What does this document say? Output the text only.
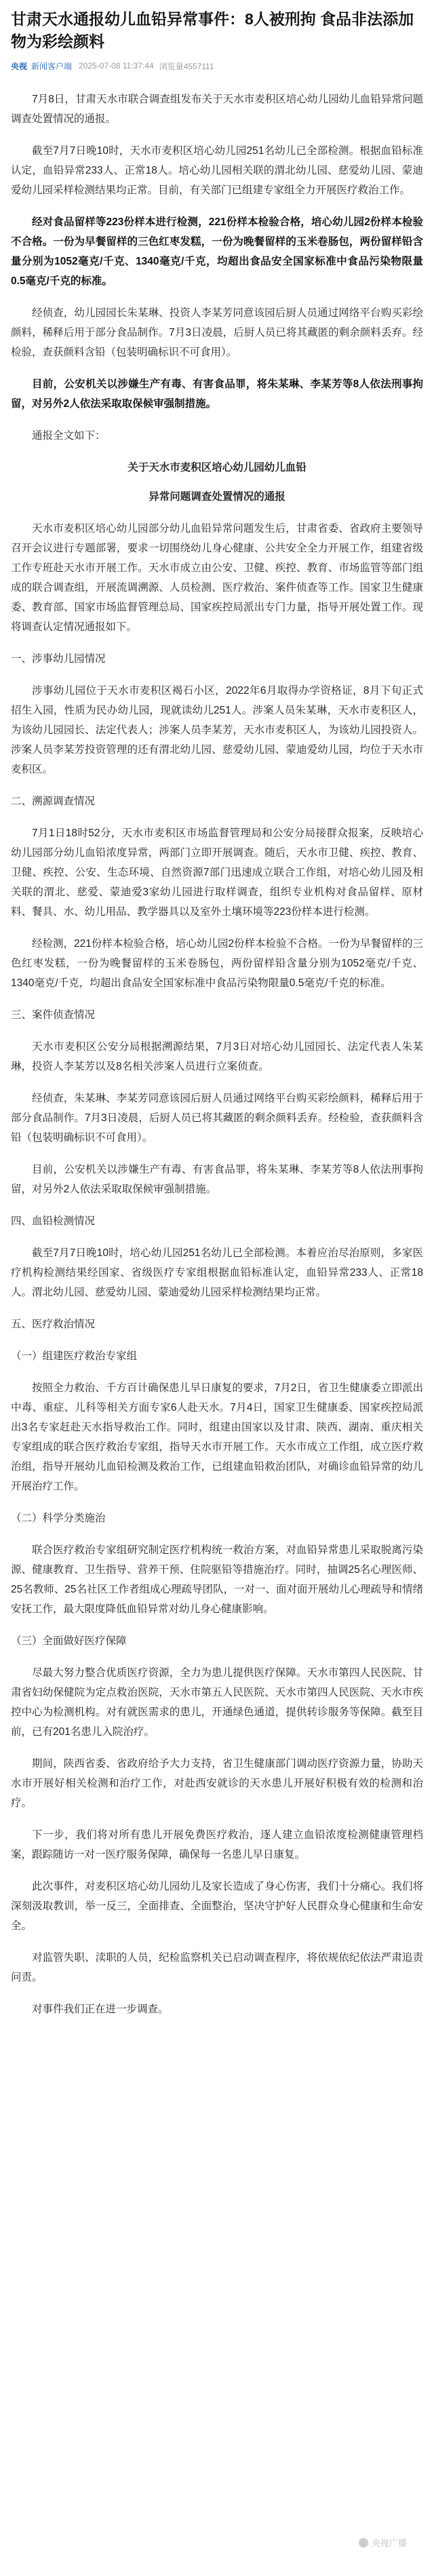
甘肃天水通报幼儿血铅异常事件：8人被刑拘 食品非法添加物为彩绘颜料
央视 新闻客户端 2025-07-08 11:37:44 浏览量4557111

7月8日，甘肃天水市联合调查组发布关于天水市麦积区培心幼儿园幼儿血铅异常问题调查处置情况的通报。

截至7月7日晚10时，天水市麦积区培心幼儿园251名幼儿已全部检测。根据血铅标准认定，血铅异常233人、正常18人。培心幼儿园相关联的渭北幼儿园、慈爱幼儿园、蒙迪爱幼儿园采样检测结果均正常。目前，有关部门已组建专家组全力开展医疗救治工作。

经对食品留样等223份样本进行检测，221份样本检验合格，培心幼儿园2份样本检验不合格。一份为早餐留样的三色红枣发糕，一份为晚餐留样的玉米卷肠包，两份留样铅含量分别为1052毫克/千克、1340毫克/千克，均超出食品安全国家标准中食品污染物限量0.5毫克/千克的标准。

经侦查，幼儿园园长朱某琳、投资人李某芳同意该园后厨人员通过网络平台购买彩绘颜料，稀释后用于部分食品制作。7月3日凌晨，后厨人员已将其藏匿的剩余颜料丢弃。经检验，查获颜料含铅（包装明确标识不可食用）。

目前，公安机关以涉嫌生产有毒、有害食品罪，将朱某琳、李某芳等8人依法刑事拘留，对另外2人依法采取取保候审强制措施。

通报全文如下：

关于天水市麦积区培心幼儿园幼儿血铅
异常问题调查处置情况的通报

天水市麦积区培心幼儿园部分幼儿血铅异常问题发生后，甘肃省委、省政府主要领导召开会议进行专题部署，要求一切围绕幼儿身心健康、公共安全全力开展工作，组建省级工作专班赴天水市开展工作。天水市成立由公安、卫健、疾控、教育、市场监管等部门组成的联合调查组，开展流调溯源、人员检测、医疗救治、案件侦查等工作。国家卫生健康委、教育部、国家市场监督管理总局、国家疾控局派出专门力量，指导开展处置工作。现将调查认定情况通报如下。

一、涉事幼儿园情况

涉事幼儿园位于天水市麦积区褐石小区，2022年6月取得办学资格证，8月下旬正式招生入园，性质为民办幼儿园，现就读幼儿251人。涉案人员朱某琳，天水市麦积区人，为该幼儿园园长、法定代表人；涉案人员李某芳，天水市麦积区人，为该幼儿园投资人。涉案人员李某芳投资管理的还有渭北幼儿园、慈爱幼儿园、蒙迪爱幼儿园，均位于天水市麦积区。

二、溯源调查情况

7月1日18时52分，天水市麦积区市场监督管理局和公安分局接群众报案，反映培心幼儿园部分幼儿血铅浓度异常，两部门立即开展调查。随后，天水市卫健、疾控、教育、卫健、疾控、公安、生态环境、自然资源7部门迅速成立联合工作组，对培心幼儿园及相关联的渭北、慈爱、蒙迪爱3家幼儿园进行取样调查，组织专业机构对食品留样、原材料、餐具、水、幼儿用品、教学器具以及室外土壤环境等223份样本进行检测。

经检测，221份样本检验合格，培心幼儿园2份样本检验不合格。一份为早餐留样的三色红枣发糕，一份为晚餐留样的玉米卷肠包，两份留样铅含量分别为1052毫克/千克、1340毫克/千克，均超出食品安全国家标准中食品污染物限量0.5毫克/千克的标准。

三、案件侦查情况

天水市麦积区公安分局根据溯源结果，7月3日对培心幼儿园园长、法定代表人朱某琳，投资人李某芳以及8名相关涉案人员进行立案侦查。

经侦查，朱某琳、李某芳同意该园后厨人员通过网络平台购买彩绘颜料，稀释后用于部分食品制作。7月3日凌晨，后厨人员已将其藏匿的剩余颜料丢弃。经检验，查获颜料含铅（包装明确标识不可食用）。

目前，公安机关以涉嫌生产有毒、有害食品罪，将朱某琳、李某芳等8人依法刑事拘留，对另外2人依法采取取保候审强制措施。

四、血铅检测情况

截至7月7日晚10时，培心幼儿园251名幼儿已全部检测。本着应治尽治原则，多家医疗机构检测结果经国家、省级医疗专家组根据血铅标准认定，血铅异常233人、正常18人。渭北幼儿园、慈爱幼儿园、蒙迪爱幼儿园采样检测结果均正常。

五、医疗救治情况
（一）组建医疗救治专家组

按照全力救治、千方百计确保患儿早日康复的要求，7月2日，省卫生健康委立即派出中毒、重症、儿科等相关方面专家6人赴天水。7月4日，国家卫生健康委、国家疾控局派出3名专家赶赴天水指导救治工作。同时，组建由国家以及甘肃、陕西、湖南、重庆相关专家组成的联合医疗救治专家组，指导天水市开展工作。天水市成立工作组，成立医疗救治组，指导开展幼儿血铅检测及救治工作，已组建血铅救治团队，对确诊血铅异常的幼儿开展治疗工作。

（二）科学分类施治

联合医疗救治专家组研究制定医疗机构统一救治方案，对血铅异常患儿采取脱离污染源、健康教育、卫生指导、营养干预、住院驱铅等措施治疗。同时，抽调25名心理医师、25名教师、25名社区工作者组成心理疏导团队，一对一、面对面开展幼儿心理疏导和情绪安抚工作，最大限度降低血铅异常对幼儿身心健康影响。

（三）全面做好医疗保障

尽最大努力整合优质医疗资源，全力为患儿提供医疗保障。天水市第四人民医院、甘肃省妇幼保健院为定点救治医院，天水市第五人民医院、天水市第四人民医院、天水市疾控中心为检测机构。对有就医需求的患儿，开通绿色通道，提供转诊服务等保障。截至目前，已有201名患儿入院治疗。

期间，陕西省委、省政府给予大力支持，省卫生健康部门调动医疗资源力量，协助天水市开展好相关检测和治疗工作，对赴西安就诊的天水患儿开展好积极有效的检测和治疗。

下一步，我们将对所有患儿开展免费医疗救治，逐人建立血铅浓度检测健康管理档案，跟踪随访一对一医疗服务保障，确保每一名患儿早日康复。

此次事件，对麦积区培心幼儿园幼儿及家长造成了身心伤害，我们十分痛心。我们将深刻汲取教训，举一反三，全面排查、全面整治，坚决守护好人民群众身心健康和生命安全。

对监管失职、渎职的人员，纪检监察机关已启动调查程序，将依规依纪依法严肃追责问责。

对事件我们正在进一步调查。

央视广播
